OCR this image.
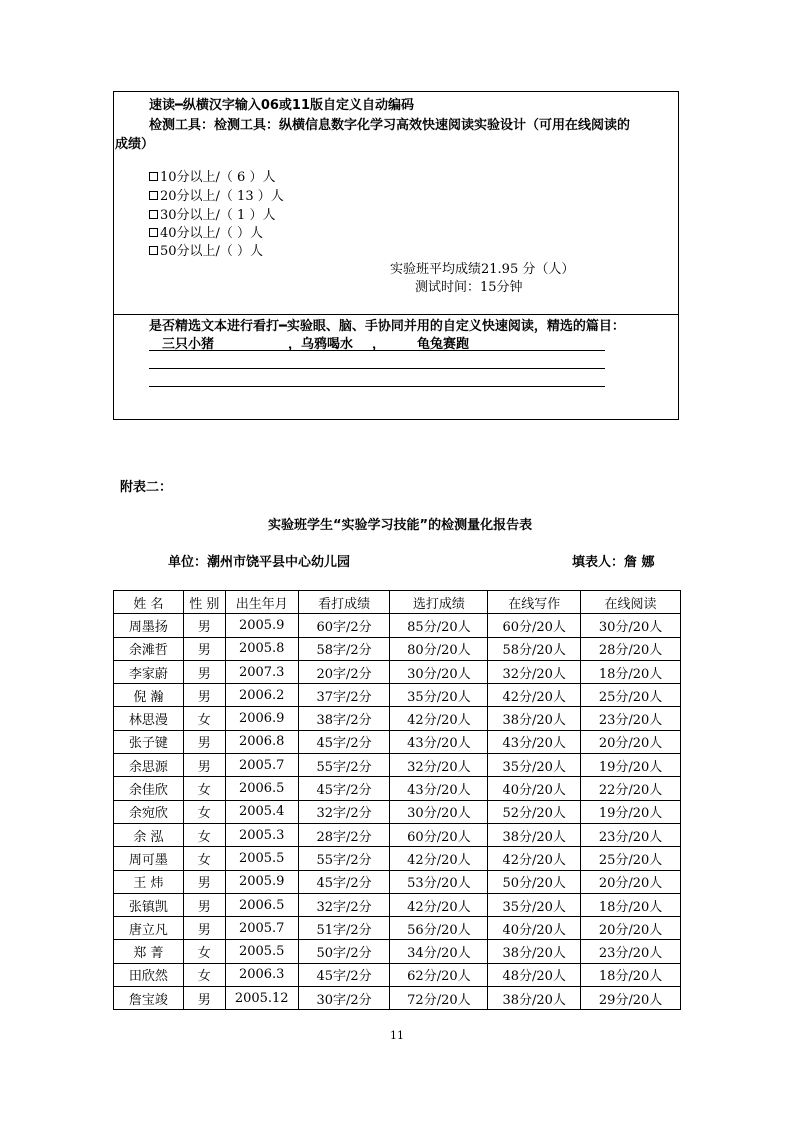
速读━纵横汉字输入06或11版自定义自动编码
检测工具：检测工具：纵横信息数字化学习高效快速阅读实验设计（可用在线阅读的
成绩）
10分以上/（ 6 ）人
20分以上/（ 13 ）人
30分以上/（ 1 ）人
40分以上/（ ）人
50分以上/（ ）人
实验班平均成绩21.95 分（人）
测试时间：15分钟
是否精选文本进行看打━实验眼、脑、手协同并用的自定义快速阅读，精选的篇目：
三只小猪	，乌鸦喝水 ， 龟兔赛跑
附表二：
实验班学生“实验学习技能”的检测量化报告表
单位：潮州市饶平县中心幼儿园	填表人：詹 娜
姓 名	性 别	出生年月	看打成绩	选打成绩	在线写作	在线阅读
周墨扬	男	2005.9	60字/2分	85分/20人	60分/20人	30分/20人
余滩哲	男	2005.8	58字/2分	80分/20人	58分/20人	28分/20人
李家蔚	男	2007.3	20字/2分	30分/20人	32分/20人	18分/20人
倪 瀚	男	2006.2	37字/2分	35分/20人	42分/20人	25分/20人
林思漫	女	2006.9	38字/2分	42分/20人	38分/20人	23分/20人
张子键	男	2006.8	45字/2分	43分/20人	43分/20人	20分/20人
余思源	男	2005.7	55字/2分	32分/20人	35分/20人	19分/20人
余佳欣	女	2006.5	45字/2分	43分/20人	40分/20人	22分/20人
余宛欣	女	2005.4	32字/2分	30分/20人	52分/20人	19分/20人
余 泓	女	2005.3	28字/2分	60分/20人	38分/20人	23分/20人
周可墨	女	2005.5	55字/2分	42分/20人	42分/20人	25分/20人
王 炜	男	2005.9	45字/2分	53分/20人	50分/20人	20分/20人
张镇凯	男	2006.5	32字/2分	42分/20人	35分/20人	18分/20人
唐立凡	男	2005.7	51字/2分	56分/20人	40分/20人	20分/20人
郑 菁	女	2005.5	50字/2分	34分/20人	38分/20人	23分/20人
田欣然	女	2006.3	45字/2分	62分/20人	48分/20人	18分/20人
詹宝竣	男	2005.12	30字/2分	72分/20人	38分/20人	29分/20人
11
